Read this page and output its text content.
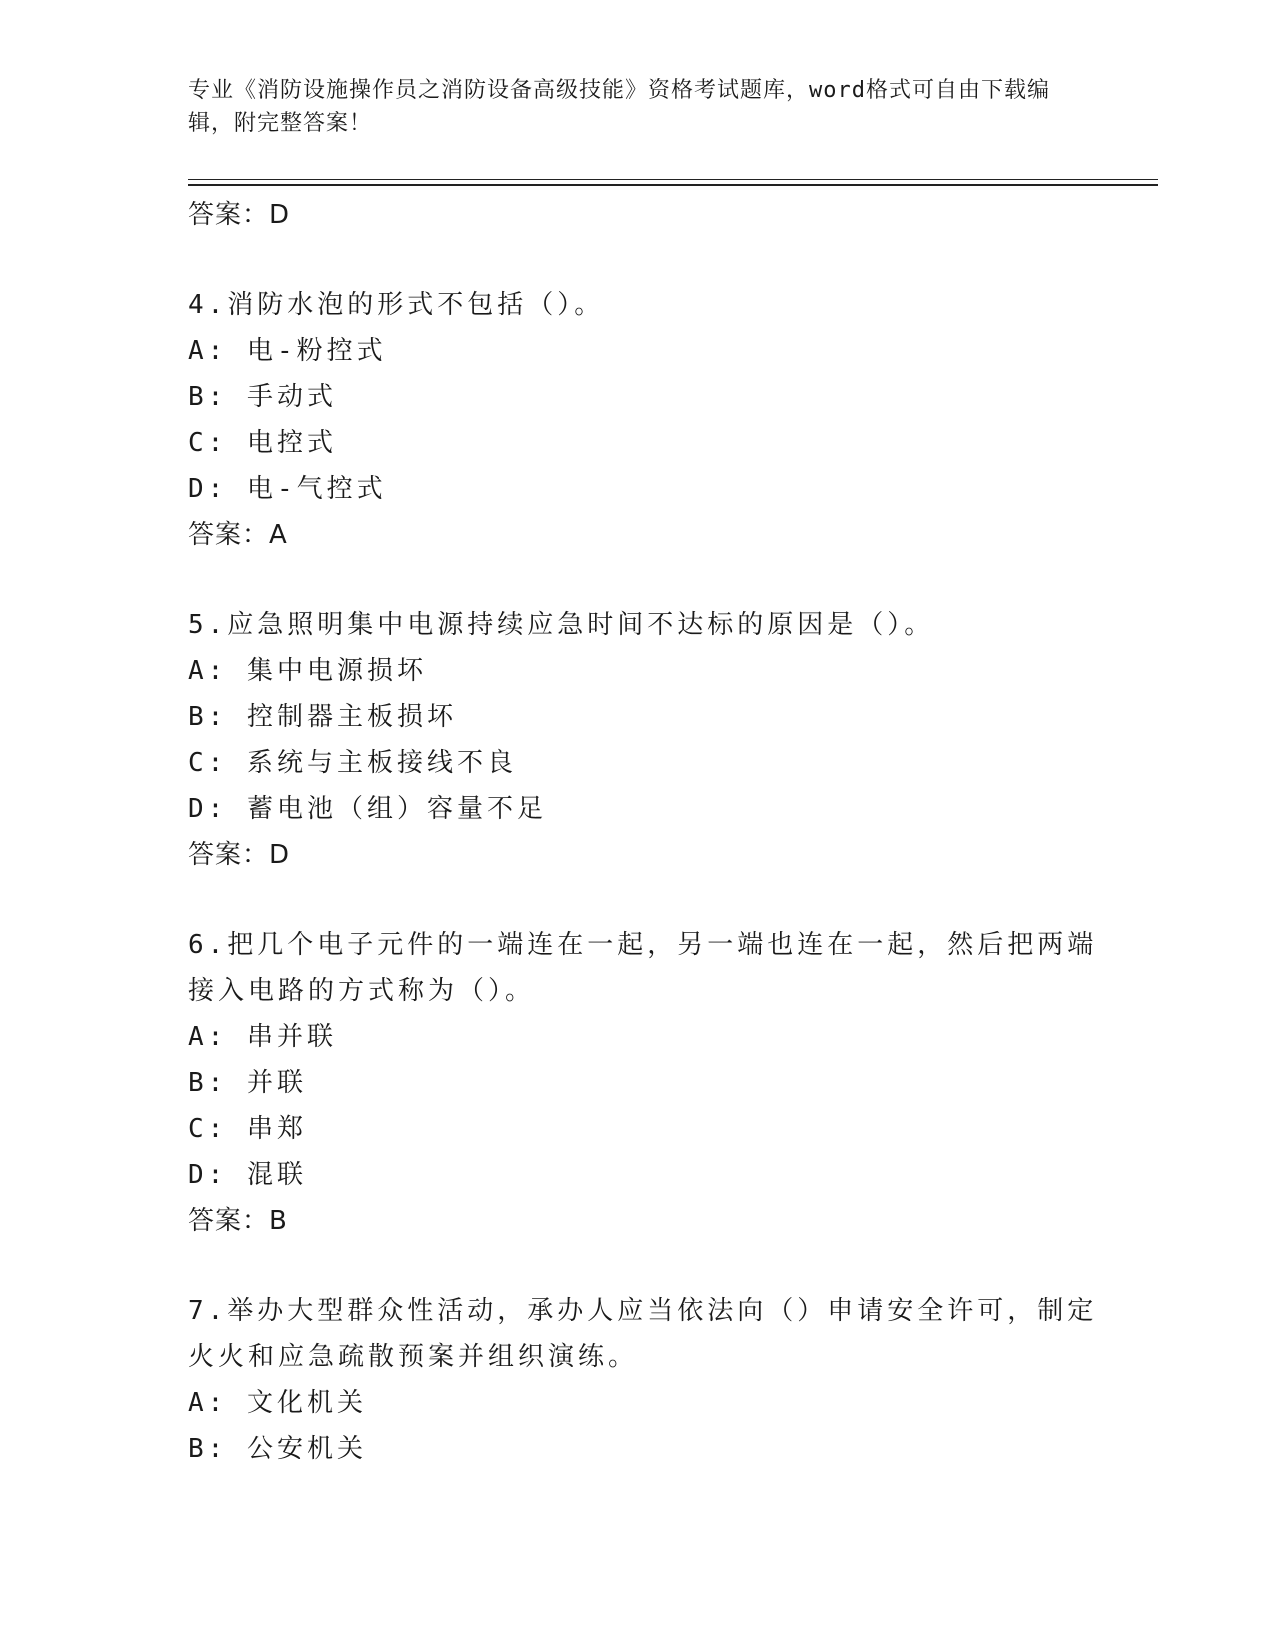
专业《消防设施操作员之消防设备高级技能》资格考试题库，word格式可自由下载编辑，附完整答案！
答案：D
4.消防水泡的形式不包括（）。
A: 电-粉控式
B: 手动式
C: 电控式
D: 电-气控式
答案：A
5.应急照明集中电源持续应急时间不达标的原因是（）。
A: 集中电源损坏
B: 控制器主板损坏
C: 系统与主板接线不良
D: 蓄电池（组）容量不足
答案：D
6.把几个电子元件的一端连在一起，另一端也连在一起，然后把两端
接入电路的方式称为（）。
A: 串并联
B: 并联
C: 串郑
D: 混联
答案：B
7.举办大型群众性活动，承办人应当依法向（）申请安全许可，制定
火火和应急疏散预案并组织演练。
A: 文化机关
B: 公安机关
